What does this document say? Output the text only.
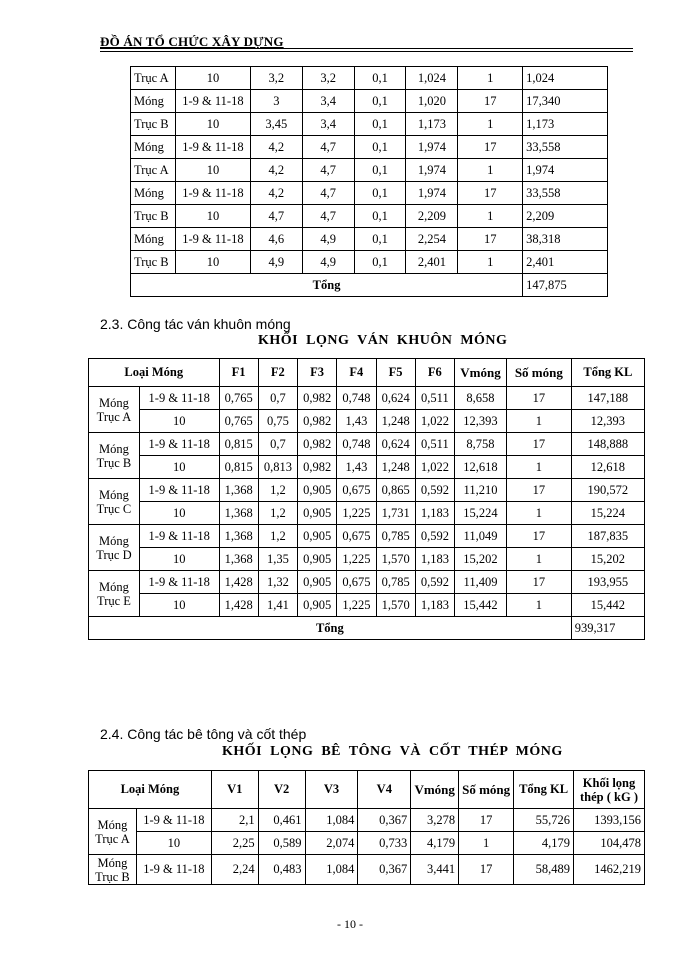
ĐỒ ÁN TỔ CHỨC XÂY DỰNG
Trục A	10	3,2	3,2	0,1	1,024	1	1,024
Móng	1-9 & 11-18	3	3,4	0,1	1,020	17	17,340
Trục B	10	3,45	3,4	0,1	1,173	1	1,173
Móng	1-9 & 11-18	4,2	4,7	0,1	1,974	17	33,558
Trục A	10	4,2	4,7	0,1	1,974	1	1,974
Móng	1-9 & 11-18	4,2	4,7	0,1	1,974	17	33,558
Trục B	10	4,7	4,7	0,1	2,209	1	2,209
Móng	1-9 & 11-18	4,6	4,9	0,1	2,254	17	38,318
Trục B	10	4,9	4,9	0,1	2,401	1	2,401
Tổng							147,875
2.3. Công tác ván khuôn móng
KHỐI LỌNG VÁN KHUÔN MÓNG
Loại Móng		F1	F2	F3	F4	F5	F6	Vmóng	Số móng	Tổng KL

Móng
Trục A	1-9 & 11-18	0,765	0,7	0,982	0,748	0,624	0,511	8,658	17	147,188
	10	0,765	0,75	0,982	1,43	1,248	1,022	12,393	1	12,393

Móng
Trục B	1-9 & 11-18	0,815	0,7	0,982	0,748	0,624	0,511	8,758	17	148,888
	10	0,815	0,813	0,982	1,43	1,248	1,022	12,618	1	12,618

Móng
Trục C	1-9 & 11-18	1,368	1,2	0,905	0,675	0,865	0,592	11,210	17	190,572
	10	1,368	1,2	0,905	1,225	1,731	1,183	15,224	1	15,224

Móng
Trục D	1-9 & 11-18	1,368	1,2	0,905	0,675	0,785	0,592	11,049	17	187,835
	10	1,368	1,35	0,905	1,225	1,570	1,183	15,202	1	15,202

Móng
Trục E	1-9 & 11-18	1,428	1,32	0,905	0,675	0,785	0,592	11,409	17	193,955
	10	1,428	1,41	0,905	1,225	1,570	1,183	15,442	1	15,442
Tổng										939,317
2.4. Công tác bê tông và cốt thép
KHỐI LỌNG BÊ TÔNG VÀ CỐT THÉP MÓNG
Loại Móng		V1	V2	V3	V4	Vmóng	Số móng	Tổng KL	Khối lọng
thép ( kG )

Móng
Trục A	1-9 & 11-18	2,1	0,461	1,084	0,367	3,278	17	55,726	1393,156
	10	2,25	0,589	2,074	0,733	4,179	1	4,179	104,478

Móng
Trục B	1-9 & 11-18	2,24	0,483	1,084	0,367	3,441	17	58,489	1462,219
- 10 -
